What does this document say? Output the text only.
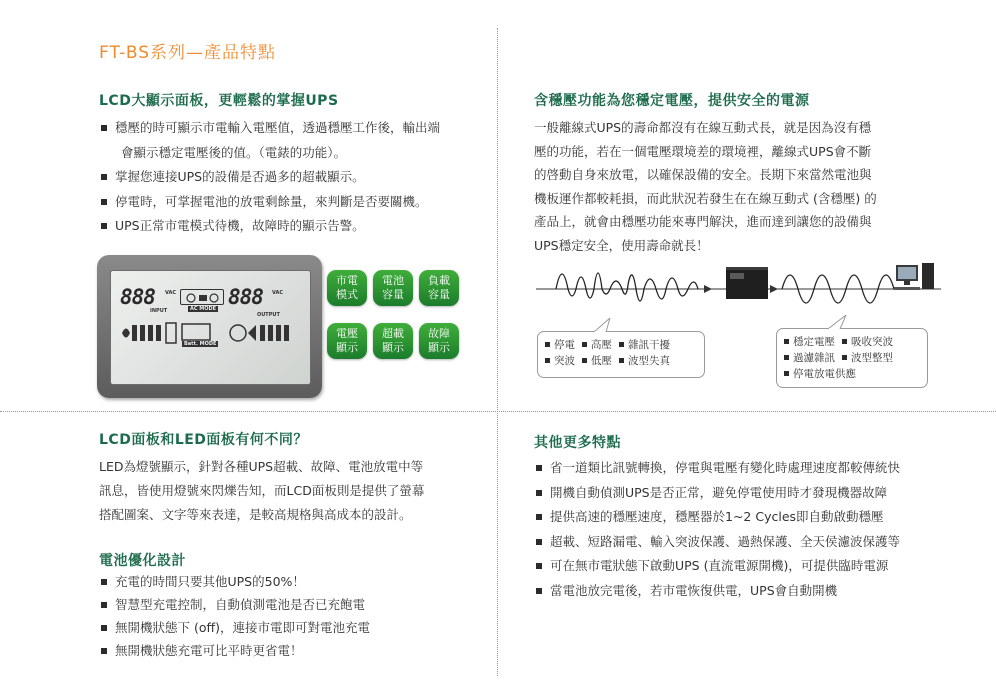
FT-BS系列—產品特點
LCD大顯示面板，更輕鬆的掌握UPS
穩壓的時可顯示市電輸入電壓值，透過穩壓工作後，輸出端
會顯示穩定電壓後的值。（電錶的功能）。
掌握您連接UPS的設備是否過多的超載顯示。
停電時，可掌握電池的放電剩餘量，來判斷是否要關機。
UPS正常市電模式待機，故障時的顯示告警。
888 VAC
INPUT	AC MODE 888 VAC
OUTPUT
Batt. MODE
市電
模式
電池
容量
負載
容量
電壓
顯示
超載
顯示
故障
顯示
含穩壓功能為您穩定電壓，提供安全的電源
一般離線式UPS的壽命都沒有在線互動式長，就是因為沒有穩
壓的功能，若在一個電壓環境差的環境裡，離線式UPS會不斷
的啓動自身來放電，以確保設備的安全。長期下來當然電池與
機板運作都較耗損，而此狀況若發生在在線互動式 (含穩壓) 的
產品上，就會由穩壓功能來專門解決，進而達到讓您的設備與
UPS穩定安全，使用壽命就長！
停電 高壓 雜訊干擾
突波 低壓 波型失真
穩定電壓 吸收突波
過濾雜訊 波型整型
停電放電供應
LCD面板和LED面板有何不同？
LED為燈號顯示，針對各種UPS超載、故障、電池放電中等
訊息，皆使用燈號來閃爍告知，而LCD面板則是提供了螢幕
搭配圖案、文字等來表達，是較高規格與高成本的設計。
電池優化設計
充電的時間只要其他UPS的50%！
智慧型充電控制，自動偵測電池是否已充飽電
無開機狀態下 (off)，連接市電即可對電池充電
無開機狀態充電可比平時更省電！
其他更多特點
省一道類比訊號轉換，停電與電壓有變化時處理速度都較傳統快
開機自動偵測UPS是否正常，避免停電使用時才發現機器故障
提供高速的穩壓速度，穩壓器於1~2 Cycles即自動啟動穩壓
超載、短路漏電、輸入突波保護、過熱保護、全天侯濾波保護等
可在無市電狀態下啟動UPS (直流電源開機)，可提供臨時電源
當電池放完電後，若市電恢復供電，UPS會自動開機
